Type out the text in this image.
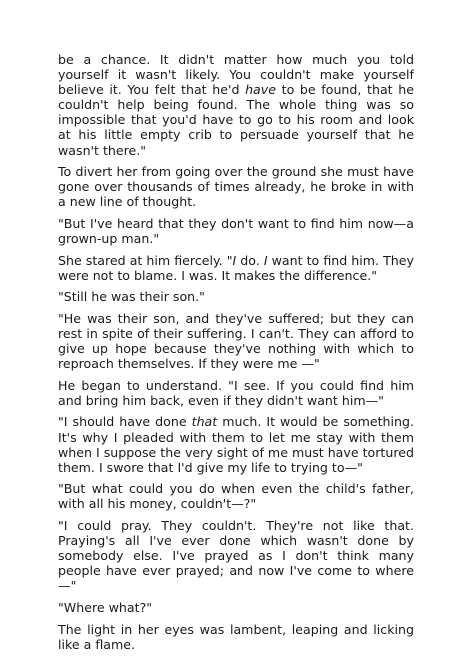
be a chance. It didn't matter how much you told yourself it wasn't likely. You couldn't make yourself believe it. You felt that he'd have to be found, that he couldn't help being found. The whole thing was so impossible that you'd have to go to his room and look at his little empty crib to persuade yourself that he wasn't there."

To divert her from going over the ground she must have gone over thousands of times already, he broke in with a new line of thought.

"But I've heard that they don't want to find him now—a grown-up man."

She stared at him fiercely. "I do. I want to find him. They were not to blame. I was. It makes the difference."

"Still he was their son."

"He was their son, and they've suffered; but they can rest in spite of their suffering. I can't. They can afford to give up hope because they've nothing with which to reproach themselves. If they were me —"

He began to understand. "I see. If you could find him and bring him back, even if they didn't want him—"

"I should have done that much. It would be something. It's why I pleaded with them to let me stay with them when I suppose the very sight of me must have tortured them. I swore that I'd give my life to trying to—"

"But what could you do when even the child's father, with all his money, couldn't—?"

"I could pray. They couldn't. They're not like that. Praying's all I've ever done which wasn't done by somebody else. I've prayed as I don't think many people have ever prayed; and now I've come to where—"

"Where what?"

The light in her eyes was lambent, leaping and licking like a flame.
